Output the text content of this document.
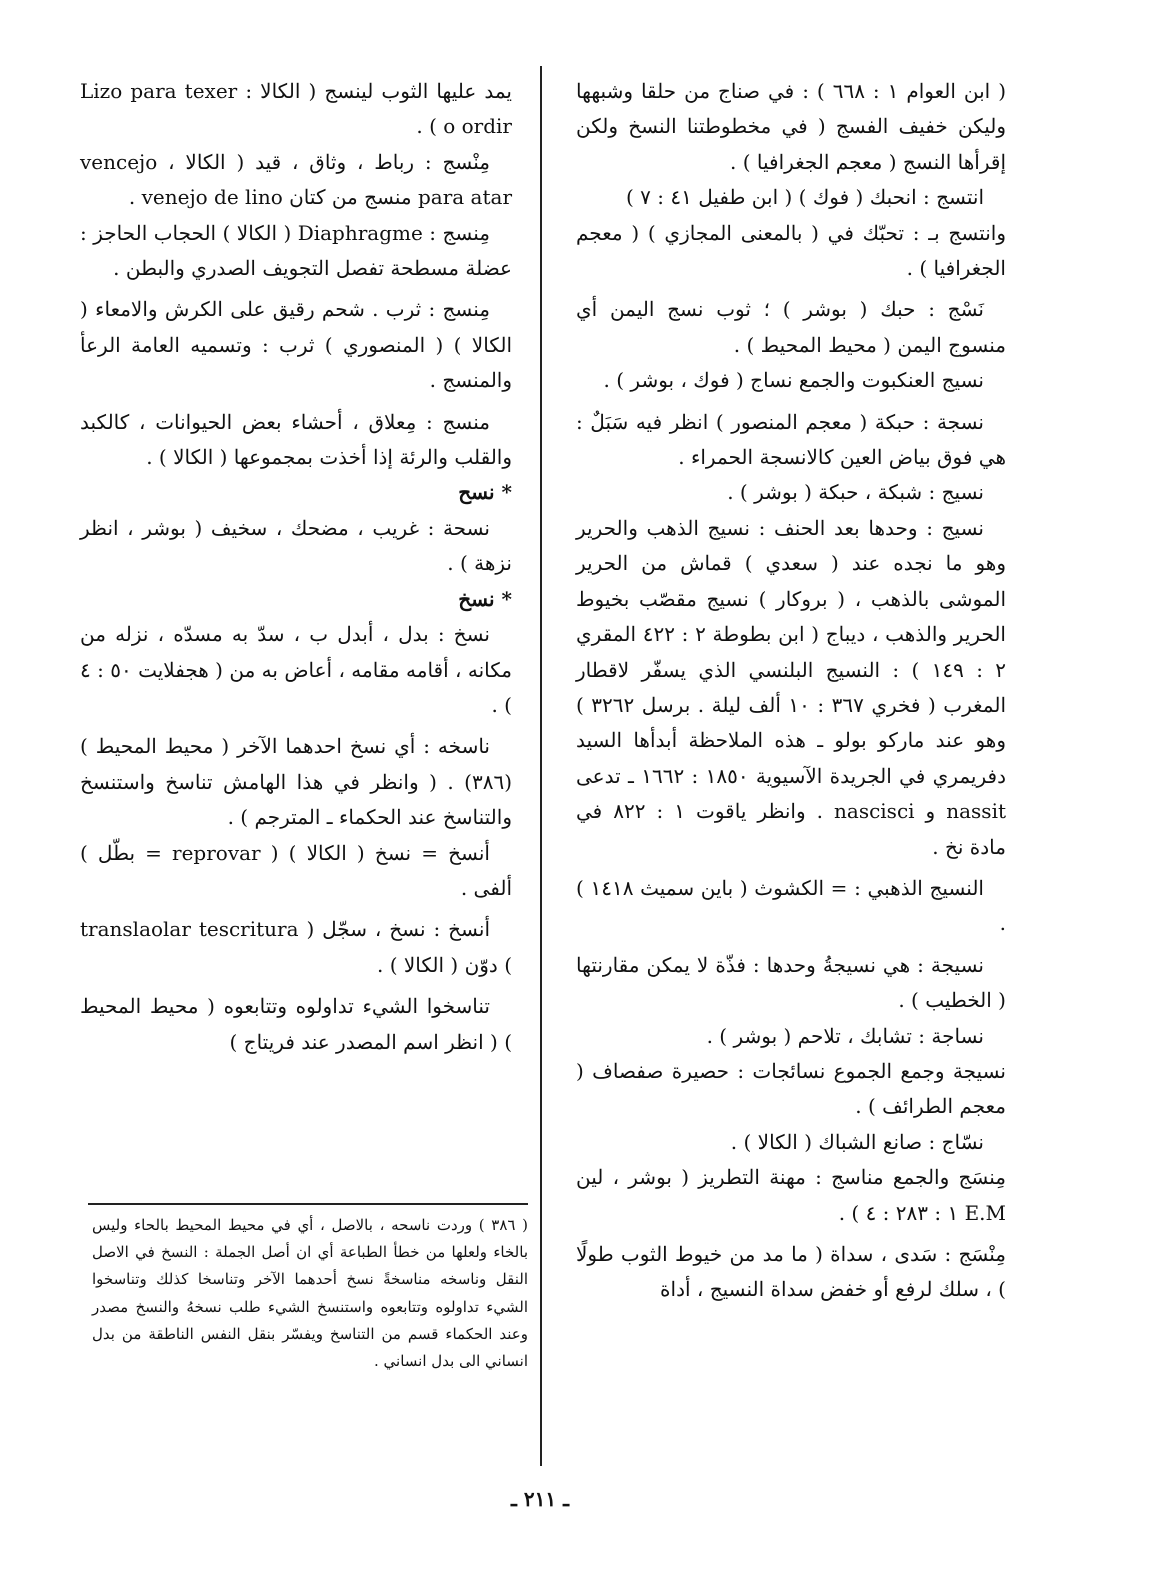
( ابن العوام ١ : ٦٦٨ ) : في صناج من حلقا وشبهها وليكن خفيف الفسج ( في مخطوطتنا النسخ ولكن إقرأها النسج ( معجم الجغرافيا ) .

انتسج : انحبك ( فوك ) ( ابن طفيل ٤١ : ٧ )

وانتسج بـ : تحبّك في ( بالمعنى المجازي ) ( معجم الجغرافيا ) .

نَسْج : حبك ( بوشر ) ؛ ثوب نسج اليمن أي منسوج اليمن ( محيط المحيط ) .

نسيج العنكبوت والجمع نساج ( فوك ، بوشر ) .

نسجة : حبكة ( معجم المنصور ) انظر فيه سَبَلٌ : هي فوق بياض العين كالانسجة الحمراء .

نسيج : شبكة ، حبكة ( بوشر ) .

نسيج : وحدها بعد الحنف : نسيج الذهب والحرير وهو ما نجده عند ( سعدي ) قماش من الحرير الموشى بالذهب ، ( بروكار ) نسيج مقصّب بخيوط الحرير والذهب ، ديباج ( ابن بطوطة ٢ : ٤٢٢ المقري ٢ : ١٤٩ ) : النسيج البلنسي الذي يسفّر لاقطار المغرب ( فخري ٣٦٧ : ١٠ ألف ليلة . برسل ٣٢٦٢ ) وهو عند ماركو بولو ـ هذه الملاحظة أبدأها السيد دفريمري في الجريدة الآسيوية ١٨٥٠ : ١٦٦٢ ـ تدعى nassit و nascisci . وانظر ياقوت ١ : ٨٢٢ في مادة نخ .

النسيج الذهبي : = الكشوث ( باين سميث ١٤١٨ ) .

نسيجة : هي نسيجةُ وحدها : فذّة لا يمكن مقارنتها ( الخطيب ) .

نساجة : تشابك ، تلاحم ( بوشر ) .

نسيجة وجمع الجموع نسائجات : حصيرة صفصاف ( معجم الطرائف ) .

نسّاج : صانع الشباك ( الكالا ) .

مِنسَج والجمع مناسج : مهنة التطريز ( بوشر ، لين E.M ١ : ٢٨٣ : ٤ ) .

مِنْسَج : سَدى ، سداة ( ما مد من خيوط الثوب طولًا ) ، سلك لرفع أو خفض سداة النسيج ، أداة

يمد عليها الثوب لينسج ( الكالا : Lizo para texer o ordir ) .

مِنْسج : رباط ، وثاق ، قيد ( الكالا ، vencejo para atar منسج من كتان venejo de lino .

مِنسج : Diaphragme ( الكالا ) الحجاب الحاجز : عضلة مسطحة تفصل التجويف الصدري والبطن .

مِنسج : ثرب . شحم رقيق على الكرش والامعاء ( الكالا ) ( المنصوري ) ثرب : وتسميه العامة الرعأ والمنسج .

منسج : مِعلاق ، أحشاء بعض الحيوانات ، كالكبد والقلب والرئة إذا أخذت بمجموعها ( الكالا ) .

* نسح

نسحة : غريب ، مضحك ، سخيف ( بوشر ، انظر نزهة ) .

* نسخ

نسخ : بدل ، أبدل ب ، سدّ به مسدّه ، نزله من مكانه ، أقامه مقامه ، أعاض به من ( هجفلايت ٥٠ : ٤ ) .

ناسخه : أي نسخ احدهما الآخر ( محيط المحيط )(٣٨٦) . ( وانظر في هذا الهامش تناسخ واستنسخ والتناسخ عند الحكماء ـ المترجم ) .

أنسخ = نسخ ( الكالا ) ( reprovar = بطّل ) ألفى .

أنسخ : نسخ ، سجّل ( translaolar tescritura ) دوّن ( الكالا ) .

تناسخوا الشيء تداولوه وتتابعوه ( محيط المحيط ) ( انظر اسم المصدر عند فريتاج )

( ٣٨٦ ) وردت ناسحه ، بالاصل ، أي في محيط المحيط بالحاء وليس بالخاء ولعلها من خطأ الطباعة أي ان أصل الجملة : النسخ في الاصل النقل وناسخه مناسخةً نسخ أحدهما الآخر وتناسخا كذلك وتناسخوا الشيء تداولوه وتتابعوه واستنسخ الشيء طلب نسخهُ والنسخ مصدر وعند الحكماء قسم من التناسخ ويفسّر بنقل النفس الناطقة من بدل انساني الى بدل انساني .

ـ ٢١١ ـ
